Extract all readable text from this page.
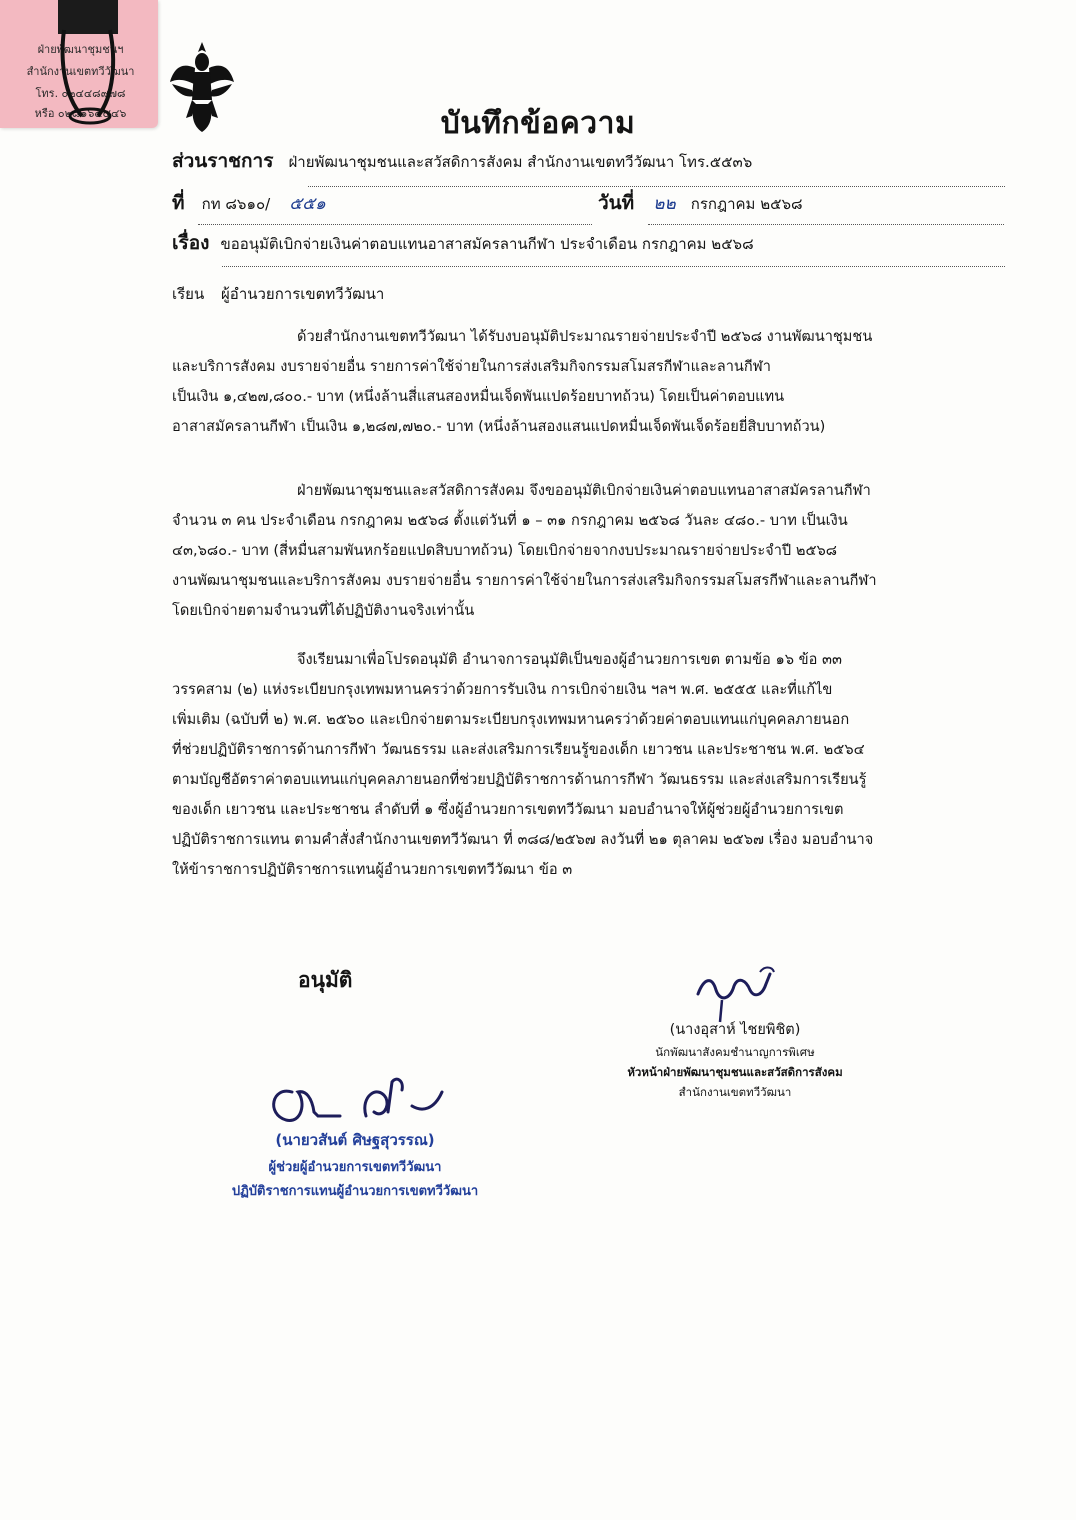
ฝ่ายพัฒนาชุมชนฯ
สำนักงานเขตทวีวัฒนา
โทร. ๐๒๔๔๘๙๗๘
หรือ ๐๒๘๑๖๕๕๔๖	บันทึกข้อความ
ส่วนราชการ ฝ่ายพัฒนาชุมชนและสวัสดิการสังคม สำนักงานเขตทวีวัฒนา โทร.๕๕๓๖
ที่ กท ๘๖๑๐/ ๕๕๑	วันที่ ๒๒ กรกฎาคม ๒๕๖๘
เรื่อง ขออนุมัติเบิกจ่ายเงินค่าตอบแทนอาสาสมัครลานกีฬา ประจำเดือน กรกฎาคม ๒๕๖๘
เรียน ผู้อำนวยการเขตทวีวัฒนา
ด้วยสำนักงานเขตทวีวัฒนา ได้รับงบอนุมัติประมาณรายจ่ายประจำปี ๒๕๖๘ งานพัฒนาชุมชน
และบริการสังคม งบรายจ่ายอื่น รายการค่าใช้จ่ายในการส่งเสริมกิจกรรมสโมสรกีฬาและลานกีฬา
เป็นเงิน ๑,๔๒๗,๘๐๐.- บาท (หนึ่งล้านสี่แสนสองหมื่นเจ็ดพันแปดร้อยบาทถ้วน) โดยเป็นค่าตอบแทน
อาสาสมัครลานกีฬา เป็นเงิน ๑,๒๘๗,๗๒๐.- บาท (หนึ่งล้านสองแสนแปดหมื่นเจ็ดพันเจ็ดร้อยยี่สิบบาทถ้วน)
ฝ่ายพัฒนาชุมชนและสวัสดิการสังคม จึงขออนุมัติเบิกจ่ายเงินค่าตอบแทนอาสาสมัครลานกีฬา
จำนวน ๓ คน ประจำเดือน กรกฎาคม ๒๕๖๘ ตั้งแต่วันที่ ๑ – ๓๑ กรกฎาคม ๒๕๖๘ วันละ ๔๘๐.- บาท เป็นเงิน
๔๓,๖๘๐.- บาท (สี่หมื่นสามพันหกร้อยแปดสิบบาทถ้วน) โดยเบิกจ่ายจากงบประมาณรายจ่ายประจำปี ๒๕๖๘
งานพัฒนาชุมชนและบริการสังคม งบรายจ่ายอื่น รายการค่าใช้จ่ายในการส่งเสริมกิจกรรมสโมสรกีฬาและลานกีฬา
โดยเบิกจ่ายตามจำนวนที่ได้ปฏิบัติงานจริงเท่านั้น
จึงเรียนมาเพื่อโปรดอนุมัติ อำนาจการอนุมัติเป็นของผู้อำนวยการเขต ตามข้อ ๑๖ ข้อ ๓๓
วรรคสาม (๒) แห่งระเบียบกรุงเทพมหานครว่าด้วยการรับเงิน การเบิกจ่ายเงิน ฯลฯ พ.ศ. ๒๕๕๕ และที่แก้ไข
เพิ่มเติม (ฉบับที่ ๒) พ.ศ. ๒๕๖๐ และเบิกจ่ายตามระเบียบกรุงเทพมหานครว่าด้วยค่าตอบแทนแก่บุคคลภายนอก
ที่ช่วยปฏิบัติราชการด้านการกีฬา วัฒนธรรม และส่งเสริมการเรียนรู้ของเด็ก เยาวชน และประชาชน พ.ศ. ๒๕๖๔
ตามบัญชีอัตราค่าตอบแทนแก่บุคคลภายนอกที่ช่วยปฏิบัติราชการด้านการกีฬา วัฒนธรรม และส่งเสริมการเรียนรู้
ของเด็ก เยาวชน และประชาชน ลำดับที่ ๑ ซึ่งผู้อำนวยการเขตทวีวัฒนา มอบอำนาจให้ผู้ช่วยผู้อำนวยการเขต
ปฏิบัติราชการแทน ตามคำสั่งสำนักงานเขตทวีวัฒนา ที่ ๓๘๘/๒๕๖๗ ลงวันที่ ๒๑ ตุลาคม ๒๕๖๗ เรื่อง มอบอำนาจ
ให้ข้าราชการปฏิบัติราชการแทนผู้อำนวยการเขตทวีวัฒนา ข้อ ๓
อนุมัติ
(นางอุสาห์ ไชยพิชิต)
นักพัฒนาสังคมชำนาญการพิเศษ
หัวหน้าฝ่ายพัฒนาชุมชนและสวัสดิการสังคม
สำนักงานเขตทวีวัฒนา
(นายวสันต์ ศิษฐสุวรรณ)
ผู้ช่วยผู้อำนวยการเขตทวีวัฒนา
ปฏิบัติราชการแทนผู้อำนวยการเขตทวีวัฒนา
